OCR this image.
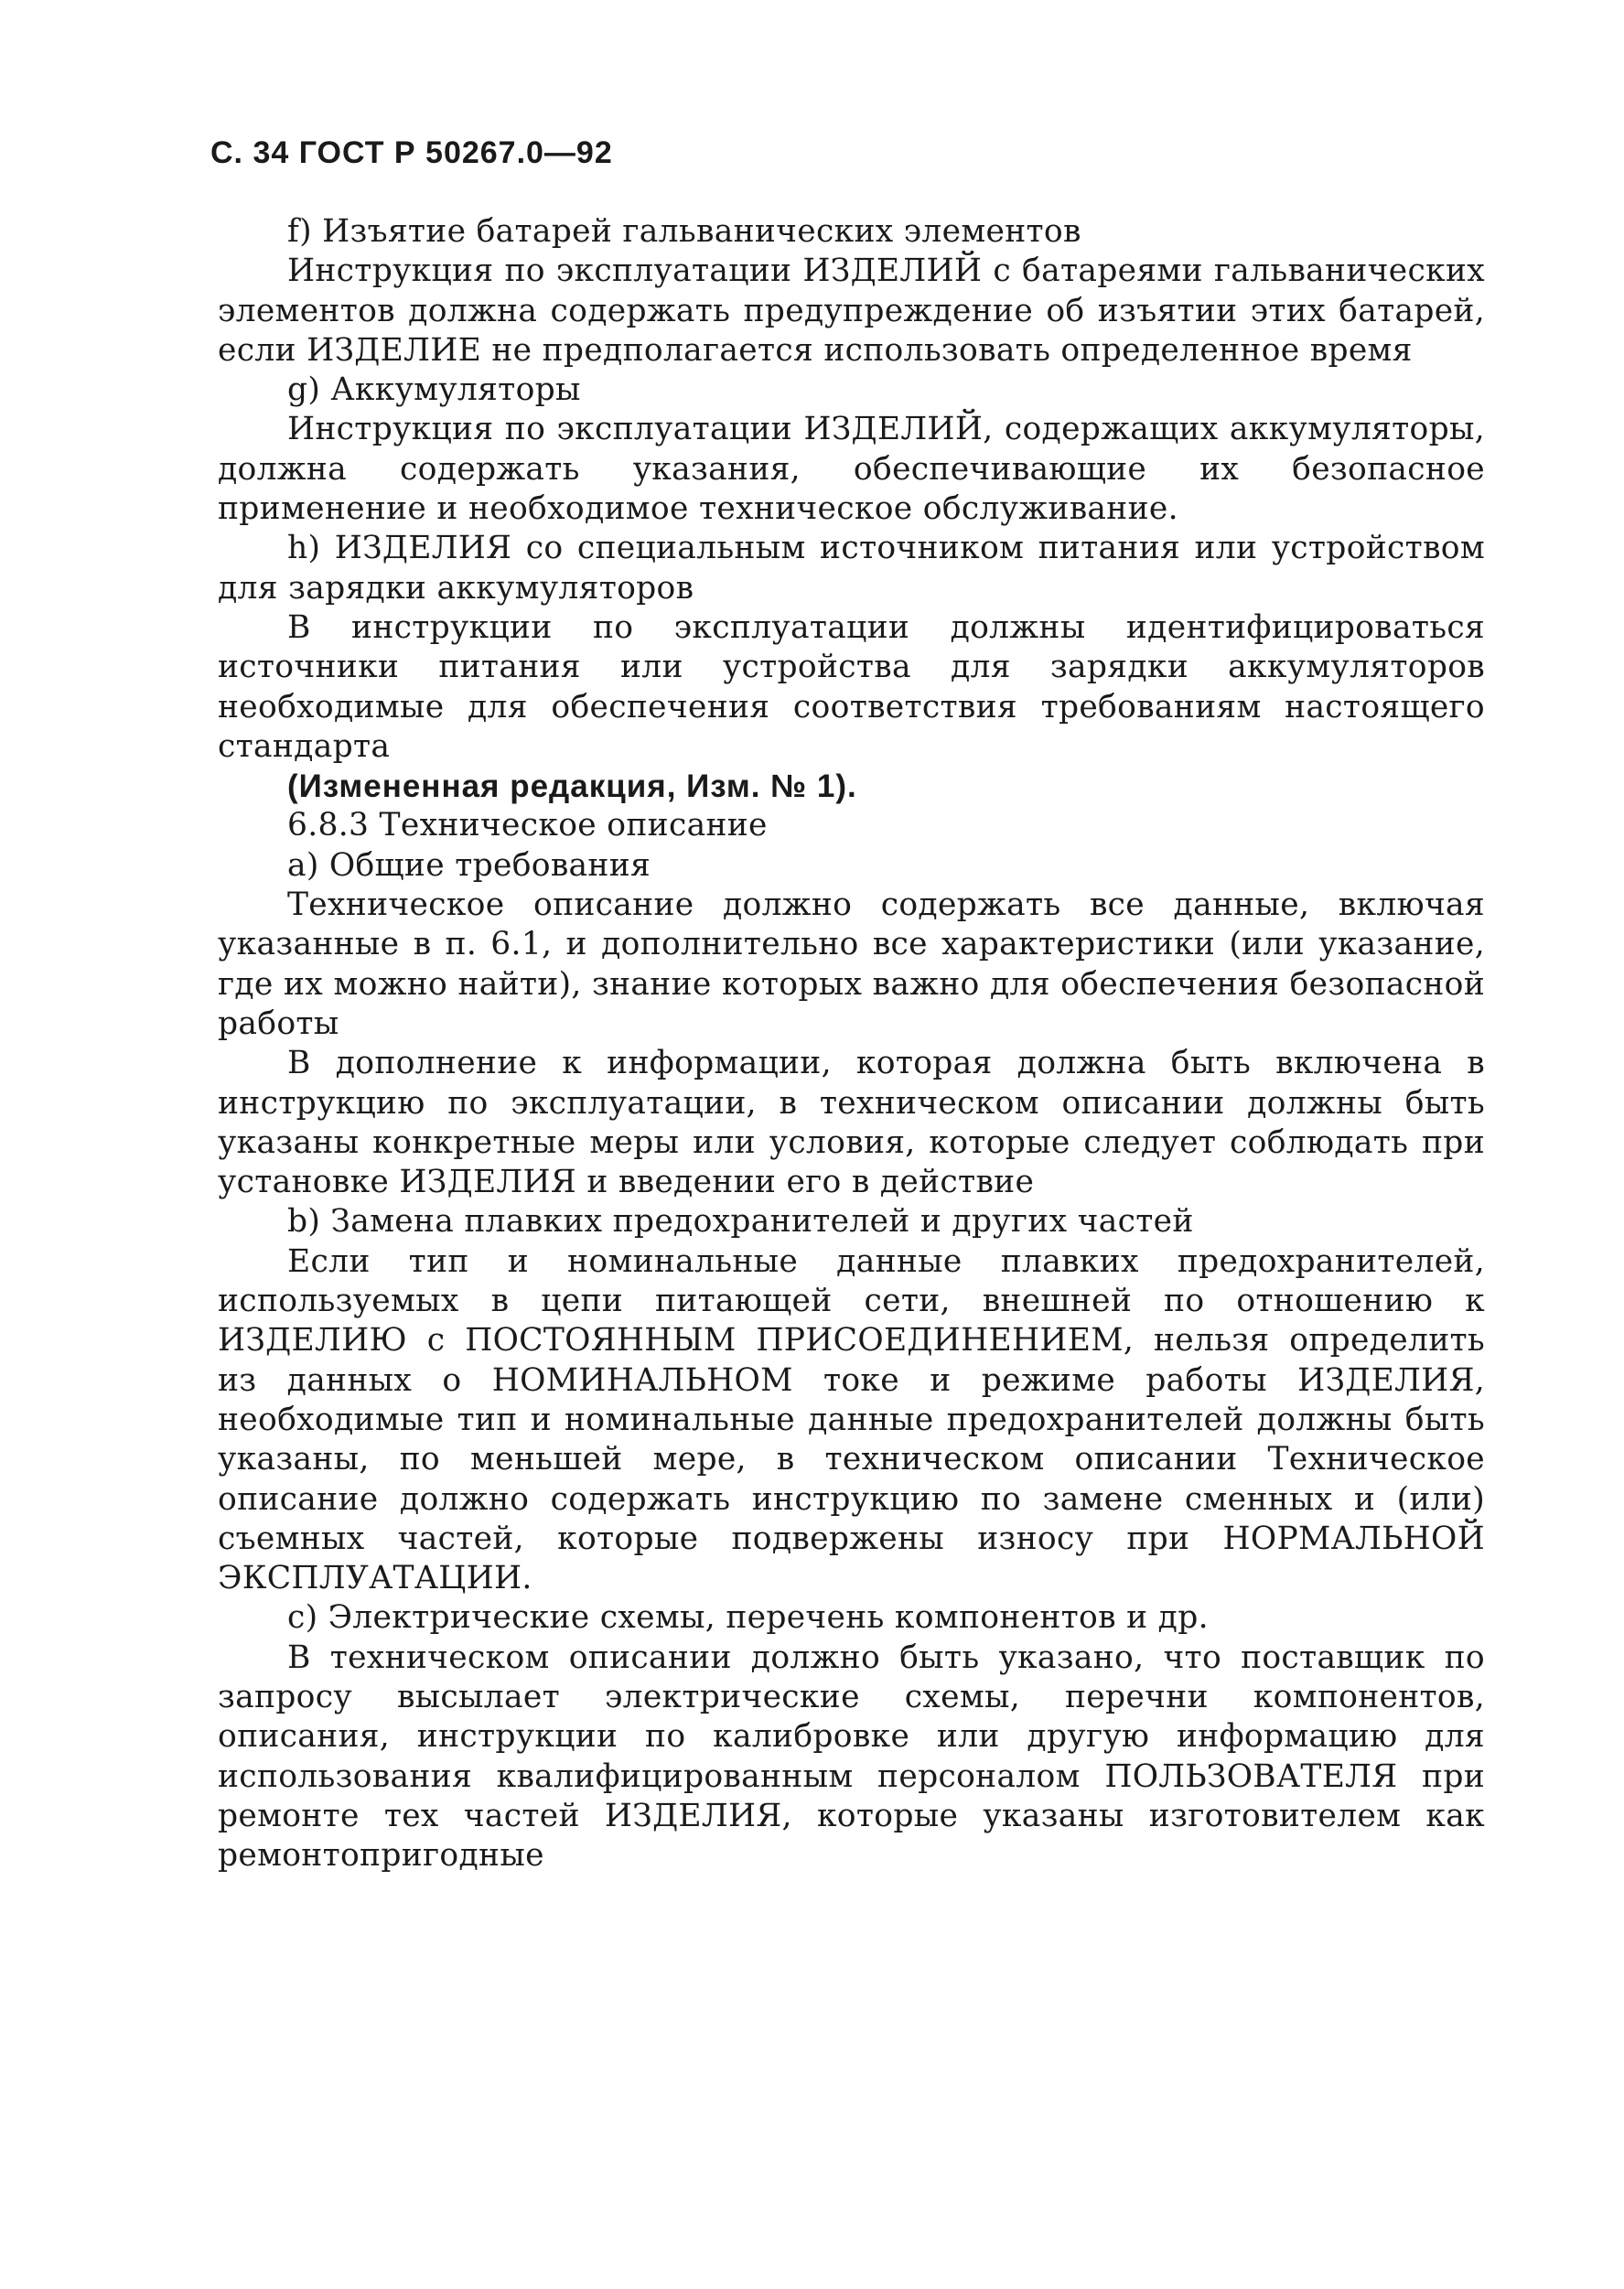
С. 34 ГОСТ Р 50267.0—92

f) Изъятие батарей гальванических элементов

Инструкция по эксплуатации ИЗДЕЛИЙ с батареями гальванических элементов должна содержать предупреждение об изъятии этих батарей, если ИЗДЕЛИЕ не предполагается использовать определенное время

g) Аккумуляторы

Инструкция по эксплуатации ИЗДЕЛИЙ, содержащих аккумуляторы, должна содержать указания, обеспечивающие их безопасное применение и необходимое техническое обслуживание.

h) ИЗДЕЛИЯ со специальным источником питания или устройством для зарядки аккумуляторов

В инструкции по эксплуатации должны идентифицироваться источники питания или устройства для зарядки аккумуляторов необходимые для обеспечения соответствия требованиям настоящего стандарта

(Измененная редакция, Изм. № 1).

6.8.3 Техническое описание

a) Общие требования

Техническое описание должно содержать все данные, включая указанные в п. 6.1, и дополнительно все характеристики (или указание, где их можно найти), знание которых важно для обеспечения безопасной работы

В дополнение к информации, которая должна быть включена в инструкцию по эксплуатации, в техническом описании должны быть указаны конкретные меры или условия, которые следует соблюдать при установке ИЗДЕЛИЯ и введении его в действие

b) Замена плавких предохранителей и других частей

Если тип и номинальные данные плавких предохранителей, используемых в цепи питающей сети, внешней по отношению к ИЗДЕЛИЮ с ПОСТОЯННЫМ ПРИСОЕДИНЕНИЕМ, нельзя определить из данных о НОМИНАЛЬНОМ токе и режиме работы ИЗДЕЛИЯ, необходимые тип и номинальные данные предохранителей должны быть указаны, по меньшей мере, в техническом описании Техническое описание должно содержать инструкцию по замене сменных и (или) съемных частей, которые подвержены износу при НОРМАЛЬНОЙ ЭКСПЛУАТАЦИИ.

c) Электрические схемы, перечень компонентов и др.

В техническом описании должно быть указано, что поставщик по запросу высылает электрические схемы, перечни компонентов, описания, инструкции по калибровке или другую информацию для использования квалифицированным персоналом ПОЛЬЗОВАТЕЛЯ при ремонте тех частей ИЗДЕЛИЯ, которые указаны изготовителем как ремонтопригодные
